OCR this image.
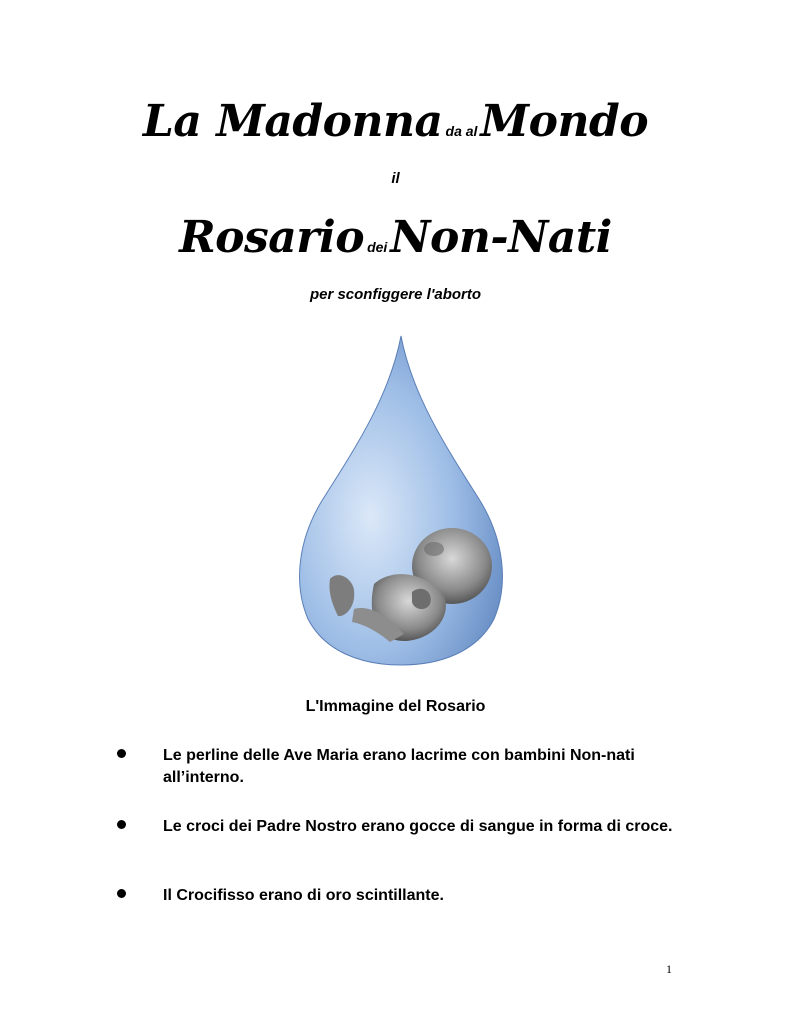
La Madonna da alMondo
il
Rosario deiNon-Nati
per sconfiggere l'aborto
L'Immagine del Rosario
Le perline delle Ave Maria erano lacrime con bambini Non-nati all’interno.
Le croci dei Padre Nostro erano gocce di sangue in forma di croce.
Il Crocifisso erano di oro scintillante.
1
